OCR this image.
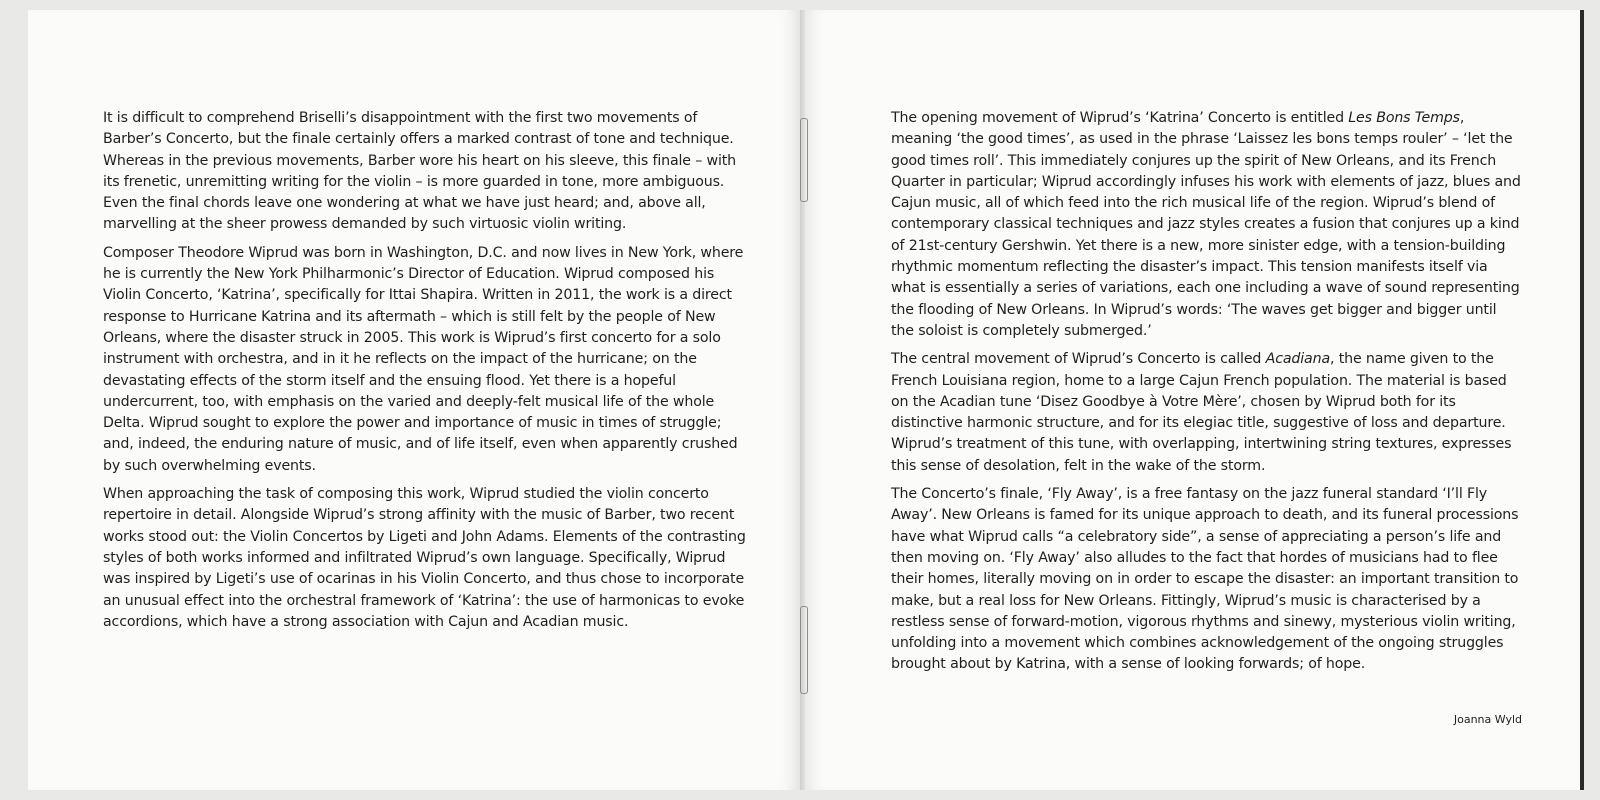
It is difficult to comprehend Briselli’s disappointment with the first two movements of Barber’s Concerto, but the finale certainly offers a marked contrast of tone and technique. Whereas in the previous movements, Barber wore his heart on his sleeve, this finale – with its frenetic, unremitting writing for the violin – is more guarded in tone, more ambiguous. Even the final chords leave one wondering at what we have just heard; and, above all, marvelling at the sheer prowess demanded by such virtuosic violin writing.

Composer Theodore Wiprud was born in Washington, D.C. and now lives in New York, where he is currently the New York Philharmonic’s Director of Education. Wiprud composed his Violin Concerto, ‘Katrina’, specifically for Ittai Shapira. Written in 2011, the work is a direct response to Hurricane Katrina and its aftermath – which is still felt by the people of New Orleans, where the disaster struck in 2005. This work is Wiprud’s first concerto for a solo instrument with orchestra, and in it he reflects on the impact of the hurricane; on the devastating effects of the storm itself and the ensuing flood. Yet there is a hopeful undercurrent, too, with emphasis on the varied and deeply-felt musical life of the whole Delta. Wiprud sought to explore the power and importance of music in times of struggle; and, indeed, the enduring nature of music, and of life itself, even when apparently crushed by such overwhelming events.

When approaching the task of composing this work, Wiprud studied the violin concerto repertoire in detail. Alongside Wiprud’s strong affinity with the music of Barber, two recent works stood out: the Violin Concertos by Ligeti and John Adams. Elements of the contrasting styles of both works informed and infiltrated Wiprud’s own language. Specifically, Wiprud was inspired by Ligeti’s use of ocarinas in his Violin Concerto, and thus chose to incorporate an unusual effect into the orchestral framework of ‘Katrina’: the use of harmonicas to evoke accordions, which have a strong association with Cajun and Acadian music.

The opening movement of Wiprud’s ‘Katrina’ Concerto is entitled Les Bons Temps, meaning ‘the good times’, as used in the phrase ‘Laissez les bons temps rouler’ – ‘let the good times roll’. This immediately conjures up the spirit of New Orleans, and its French Quarter in particular; Wiprud accordingly infuses his work with elements of jazz, blues and Cajun music, all of which feed into the rich musical life of the region. Wiprud’s blend of contemporary classical techniques and jazz styles creates a fusion that conjures up a kind of 21st-century Gershwin. Yet there is a new, more sinister edge, with a tension-building rhythmic momentum reflecting the disaster’s impact. This tension manifests itself via what is essentially a series of variations, each one including a wave of sound representing the flooding of New Orleans. In Wiprud’s words: ‘The waves get bigger and bigger until the soloist is completely submerged.’

The central movement of Wiprud’s Concerto is called Acadiana, the name given to the French Louisiana region, home to a large Cajun French population. The material is based on the Acadian tune ‘Disez Goodbye à Votre Mère’, chosen by Wiprud both for its distinctive harmonic structure, and for its elegiac title, suggestive of loss and departure. Wiprud’s treatment of this tune, with overlapping, intertwining string textures, expresses this sense of desolation, felt in the wake of the storm.

The Concerto’s finale, ‘Fly Away’, is a free fantasy on the jazz funeral standard ‘I’ll Fly Away’. New Orleans is famed for its unique approach to death, and its funeral processions have what Wiprud calls “a celebratory side”, a sense of appreciating a person’s life and then moving on. ‘Fly Away’ also alludes to the fact that hordes of musicians had to flee their homes, literally moving on in order to escape the disaster: an important transition to make, but a real loss for New Orleans. Fittingly, Wiprud’s music is characterised by a restless sense of forward-motion, vigorous rhythms and sinewy, mysterious violin writing, unfolding into a movement which combines acknowledgement of the ongoing struggles brought about by Katrina, with a sense of looking forwards; of hope.

Joanna Wyld
